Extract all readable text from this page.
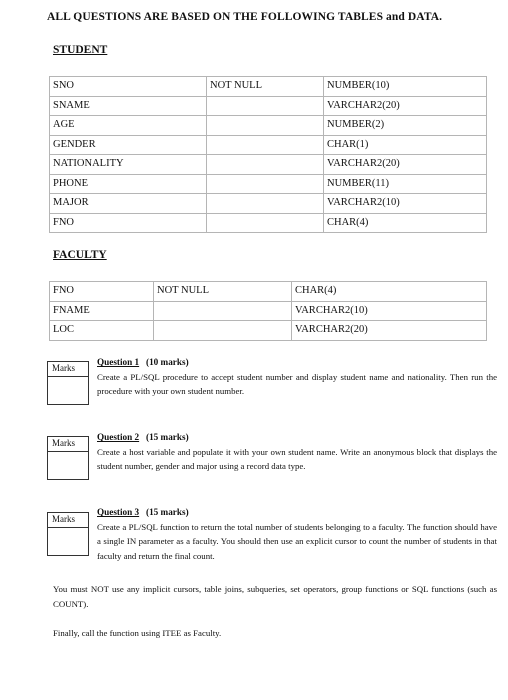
ALL QUESTIONS ARE BASED ON THE FOLLOWING TABLES and DATA.
STUDENT
SNO	NOT NULL	NUMBER(10)
SNAME		VARCHAR2(20)
AGE		NUMBER(2)
GENDER		CHAR(1)
NATIONALITY		VARCHAR2(20)
PHONE		NUMBER(11)
MAJOR		VARCHAR2(10)
FNO		CHAR(4)
FACULTY
FNO	NOT NULL	CHAR(4)
FNAME		VARCHAR2(10)
LOC		VARCHAR2(20)
Marks
Question 1 (10 marks)
Create a PL/SQL procedure to accept student number and display student name and nationality. Then run the procedure with your own student number.
Marks
Question 2 (15 marks)
Create a host variable and populate it with your own student name. Write an anonymous block that displays the student number, gender and major using a record data type.
Marks
Question 3 (15 marks)
Create a PL/SQL function to return the total number of students belonging to a faculty. The function should have a single IN parameter as a faculty. You should then use an explicit cursor to count the number of students in that faculty and return the final count.
You must NOT use any implicit cursors, table joins, subqueries, set operators, group functions or SQL functions (such as COUNT).
Finally, call the function using ITEE as Faculty.
